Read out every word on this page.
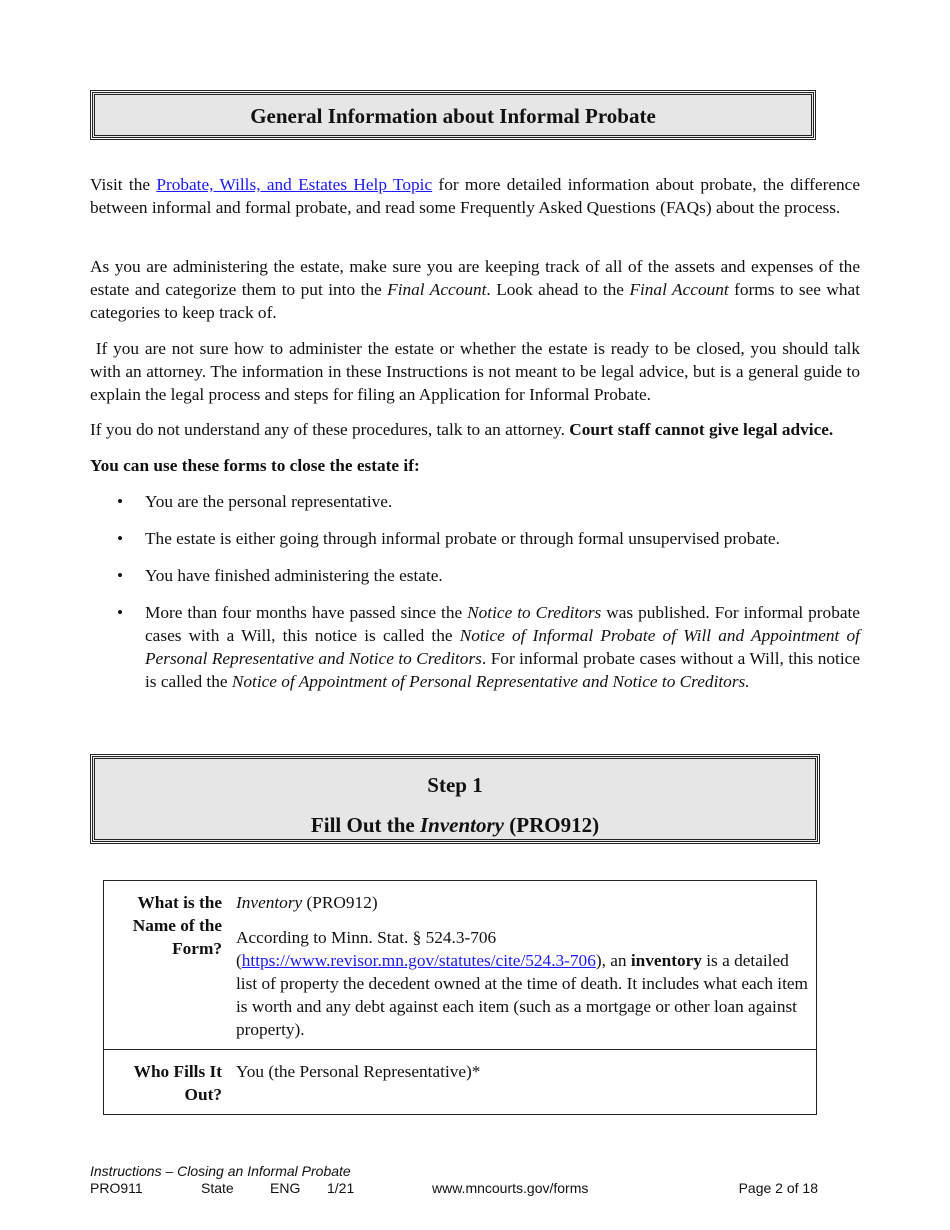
General Information about Informal Probate
Visit the Probate, Wills, and Estates Help Topic for more detailed information about probate, the difference between informal and formal probate, and read some Frequently Asked Questions (FAQs) about the process.
As you are administering the estate, make sure you are keeping track of all of the assets and expenses of the estate and categorize them to put into the Final Account. Look ahead to the Final Account forms to see what categories to keep track of.
If you are not sure how to administer the estate or whether the estate is ready to be closed, you should talk with an attorney. The information in these Instructions is not meant to be legal advice, but is a general guide to explain the legal process and steps for filing an Application for Informal Probate.
If you do not understand any of these procedures, talk to an attorney. Court staff cannot give legal advice.
You can use these forms to close the estate if:
• You are the personal representative.
• The estate is either going through informal probate or through formal unsupervised probate.
• You have finished administering the estate.
• More than four months have passed since the Notice to Creditors was published. For informal probate cases with a Will, this notice is called the Notice of Informal Probate of Will and Appointment of Personal Representative and Notice to Creditors. For informal probate cases without a Will, this notice is called the Notice of Appointment of Personal Representative and Notice to Creditors.
Step 1
Fill Out the Inventory (PRO912)
What is the Name of the Form?	Inventory (PRO912)

According to Minn. Stat. § 524.3-706 (https://www.revisor.mn.gov/statutes/cite/524.3-706), an inventory is a detailed list of property the decedent owned at the time of death. It includes what each item is worth and any debt against each item (such as a mortgage or other loan against property).

Who Fills It Out?	You (the Personal Representative)*

Instructions – Closing an Informal Probate
PRO911	State	ENG 1/21	www.mncourts.gov/forms	Page 2 of 18
